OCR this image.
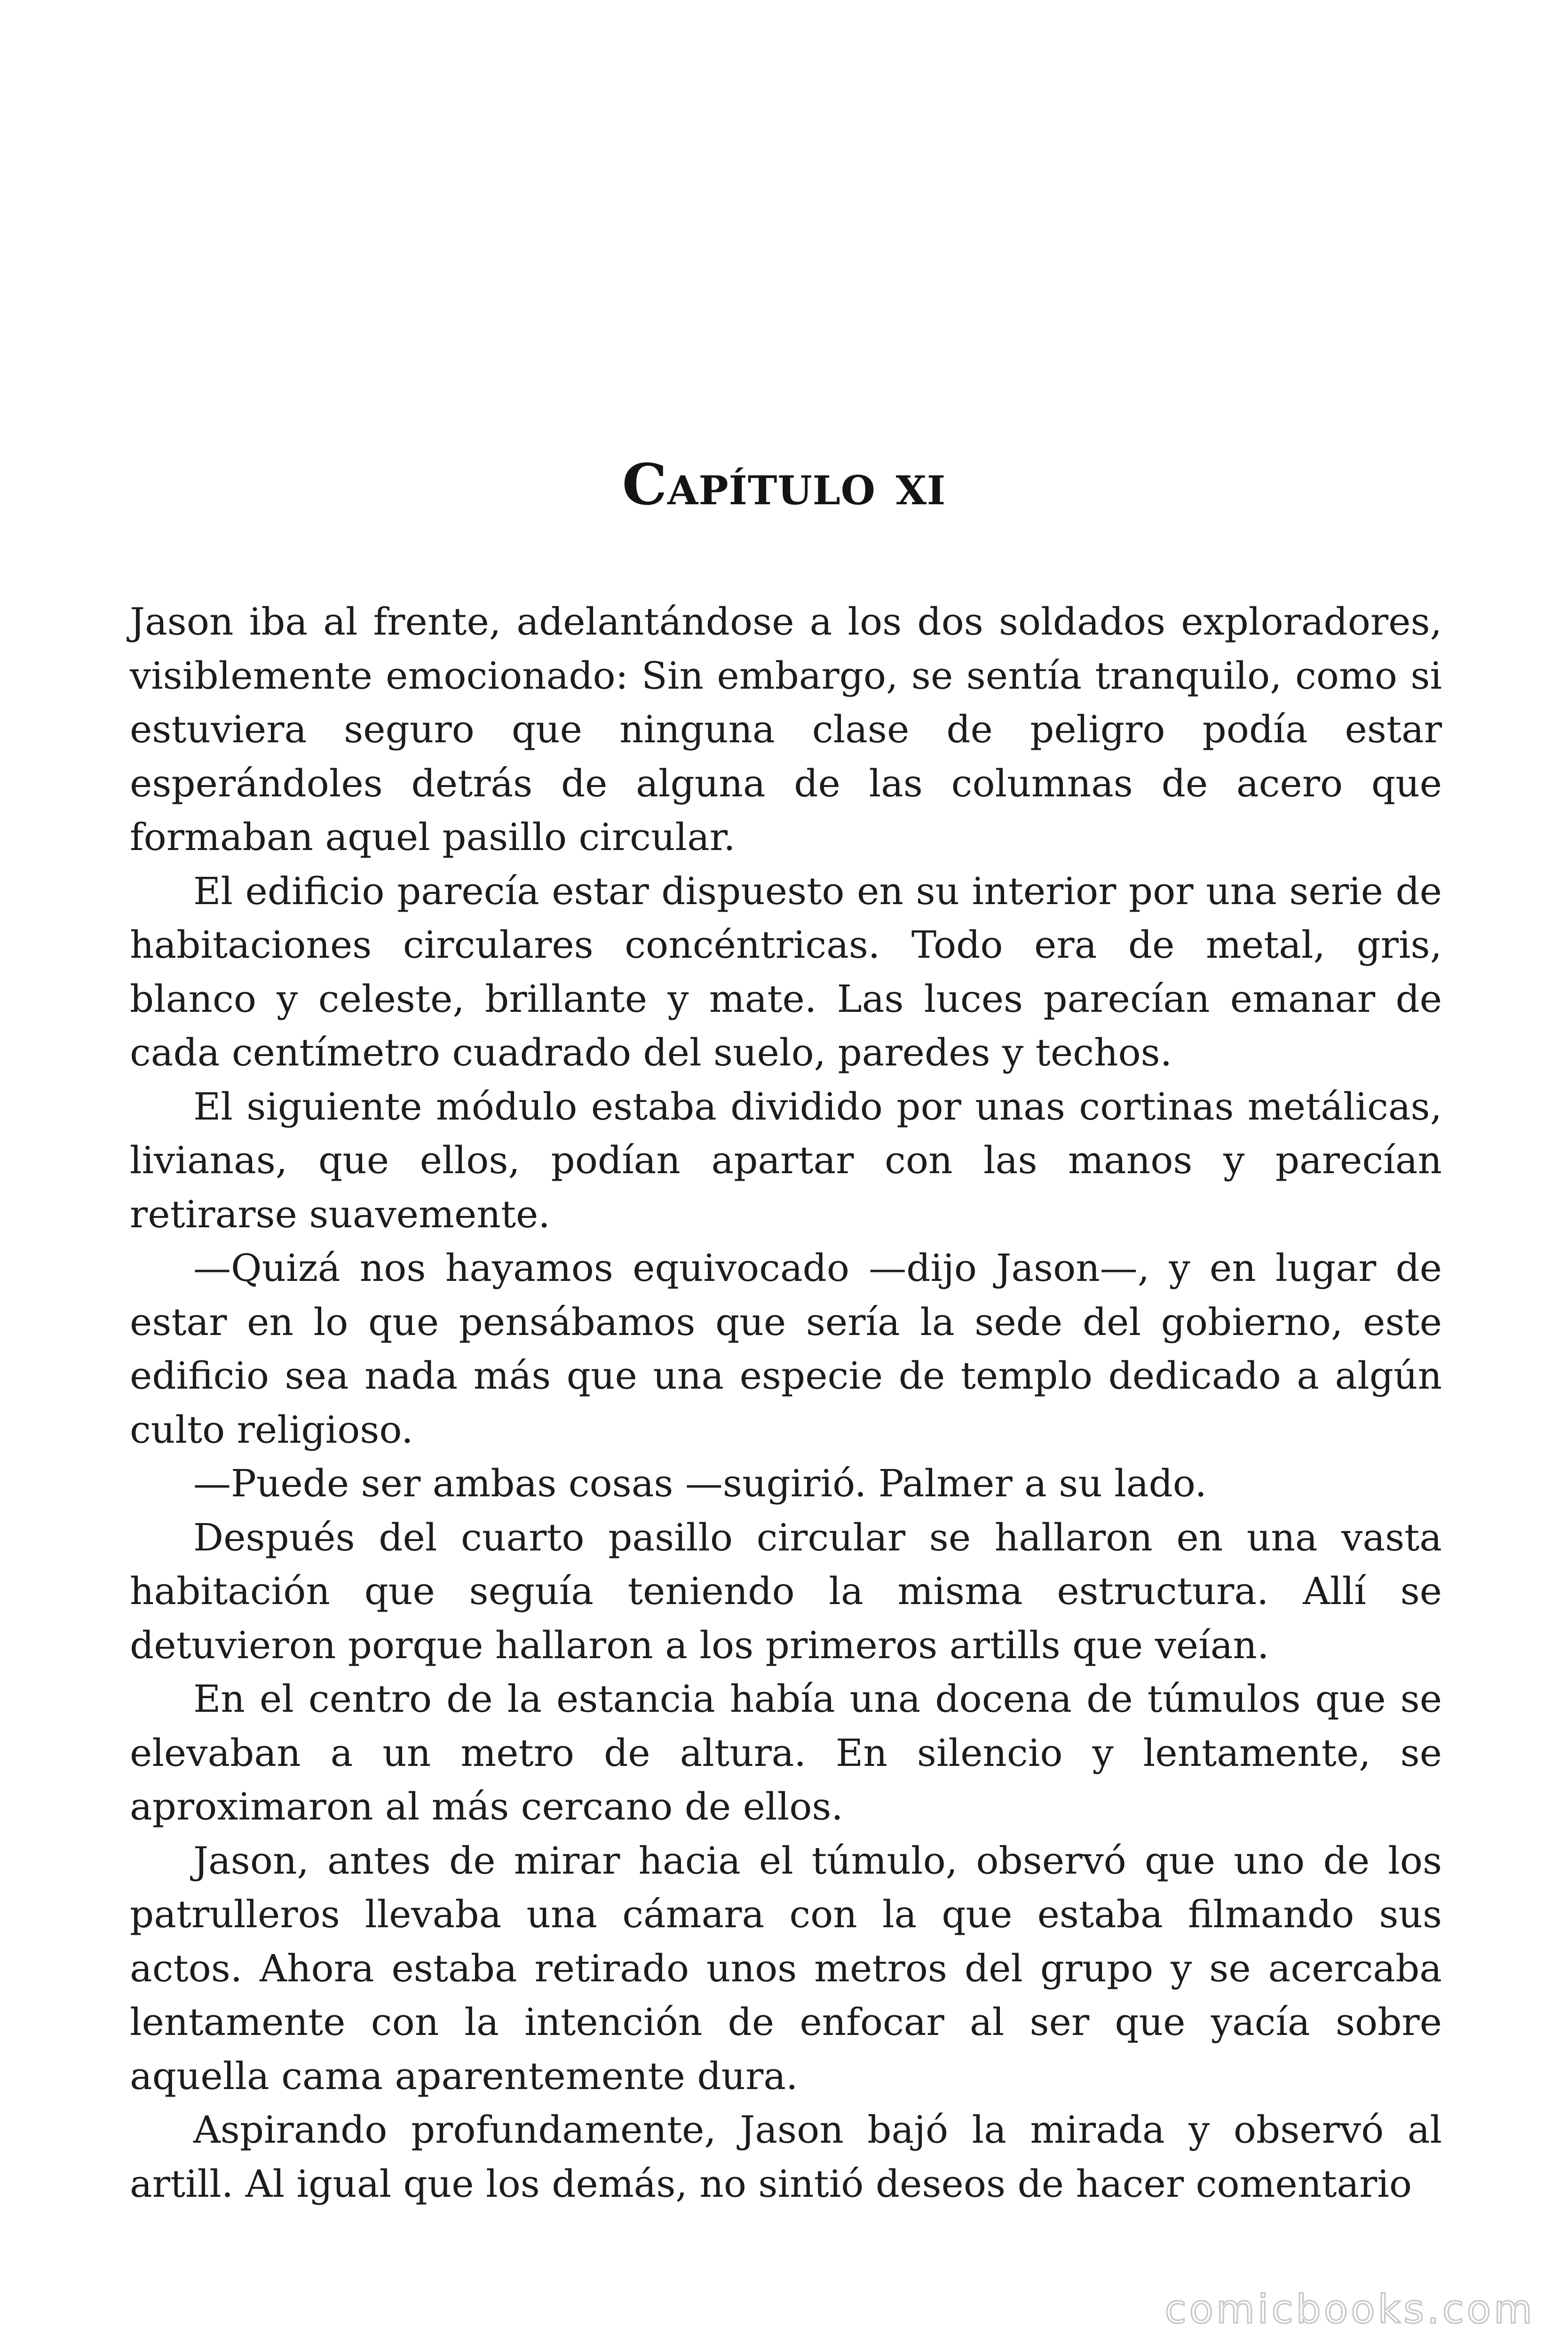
Capítulo xi

Jason iba al frente, adelantándose a los dos soldados exploradores, visiblemente emocionado: Sin embargo, se sentía tranquilo, como si estuviera seguro que ninguna clase de peligro podía estar esperándoles detrás de alguna de las columnas de acero que formaban aquel pasillo circular.

El edificio parecía estar dispuesto en su interior por una serie de habitaciones circulares concéntricas. Todo era de metal, gris, blanco y celeste, brillante y mate. Las luces parecían emanar de cada centímetro cuadrado del suelo, paredes y techos.

El siguiente módulo estaba dividido por unas cortinas metálicas, livianas, que ellos, podían apartar con las manos y parecían retirarse suavemente.

—Quizá nos hayamos equivocado —dijo Jason—, y en lugar de estar en lo que pensábamos que sería la sede del gobierno, este edificio sea nada más que una especie de templo dedicado a algún culto religioso.

—Puede ser ambas cosas —sugirió. Palmer a su lado.

Después del cuarto pasillo circular se hallaron en una vasta habitación que seguía teniendo la misma estructura. Allí se detuvieron porque hallaron a los primeros artills que veían.

En el centro de la estancia había una docena de túmulos que se elevaban a un metro de altura. En silencio y lentamente, se aproximaron al más cercano de ellos.

Jason, antes de mirar hacia el túmulo, observó que uno de los patrulleros llevaba una cámara con la que estaba filmando sus actos. Ahora estaba retirado unos metros del grupo y se acercaba lentamente con la intención de enfocar al ser que yacía sobre aquella cama aparentemente dura.

Aspirando profundamente, Jason bajó la mirada y observó al artill. Al igual que los demás, no sintió deseos de hacer comentario

comicbooks.com
